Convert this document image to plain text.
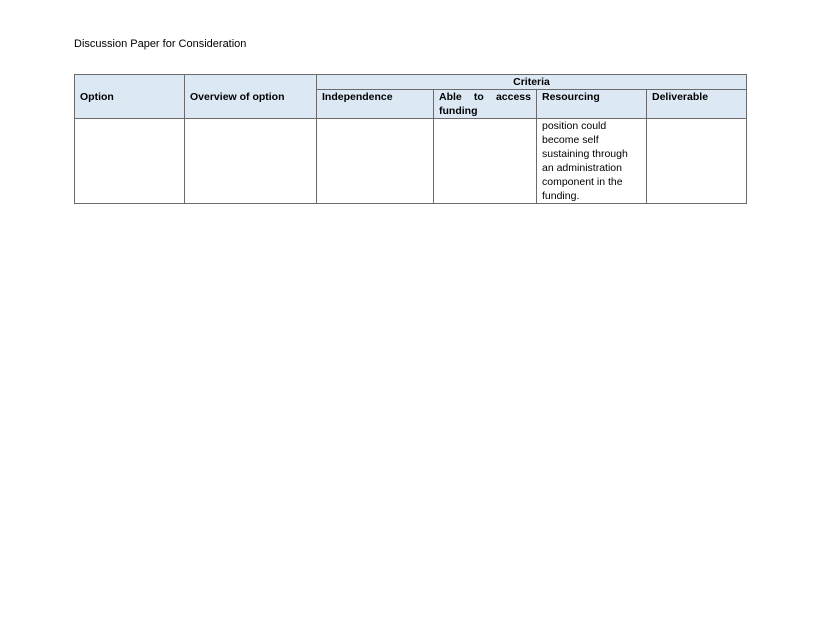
Discussion Paper for Consideration
Option	Overview of option	Criteria			
		Independence	Able to access funding	Resourcing	Deliverable

				position could become self sustaining through an administration component in the funding.	
